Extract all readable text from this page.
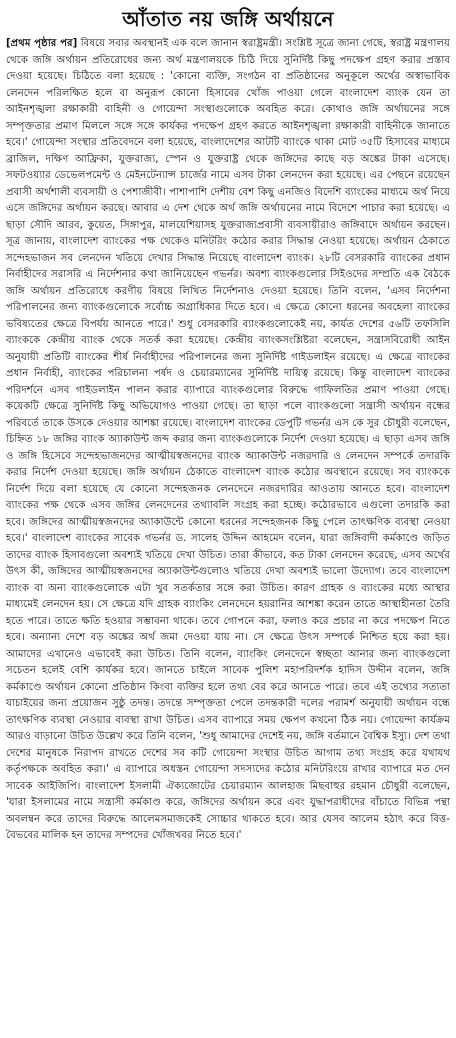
আঁতাত নয় জঙ্গি অর্থায়নে

[প্রথম পৃষ্ঠার পর] বিষয়ে সবার অবস্থানই এক বলে জানান স্বরাষ্ট্রমন্ত্রী। সংশ্লিষ্ট সূত্রে জানা গেছে, স্বরাষ্ট্র মন্ত্রণালয় থেকে জঙ্গি অর্থায়ন প্রতিরোধের জন্য অর্থ মন্ত্রণালয়কে চিঠি দিয়ে সুনির্দিষ্ট কিছু পদক্ষেপ গ্রহণ করার প্রস্তাব দেওয়া হয়েছে। চিঠিতে বলা হয়েছে : 'কোনো ব্যক্তি, সংগঠন বা প্রতিষ্ঠানের অনুকূলে অর্থের অস্বাভাবিক লেনদেন পরিলক্ষিত হলে বা অনুরূপ কোনো হিসাবের খোঁজ পাওয়া গেলে বাংলাদেশ ব্যাংক যেন তা আইনশৃঙ্খলা রক্ষাকারী বাহিনী ও গোয়েন্দা সংস্থাগুলোকে অবহিত করে। কোথাও জঙ্গি অর্থায়নের সঙ্গে সম্পৃক্ততার প্রমাণ মিললে সঙ্গে সঙ্গে কার্যকর পদক্ষেপ গ্রহণ করতে আইনশৃঙ্খলা রক্ষাকারী বাহিনীকে জানাতে হবে।' গোয়েন্দা সংস্থার প্রতিবেদনে বলা হয়েছে, বাংলাদেশের আটটি ব্যাংকে থাকা মোট ৩৫টি হিসাবের মাধ্যমে ব্রাজিল, দক্ষিণ আফ্রিকা, যুক্তরাজ্য, স্পেন ও যুক্তরাষ্ট্র থেকে জঙ্গিদের কাছে বড় অঙ্কের টাকা এসেছে। সফটওয়্যার ডেভেলপমেন্ট ও মেইনটেন্যান্স চার্জের নামে এসব টাকা লেনদেন করা হয়েছে। এর পেছনে রয়েছেন প্রবাসী অর্থশালী ব্যবসায়ী ও পেশাজীবী। পাশাপাশি দেশীয় বেশ কিছু এনজিও বিদেশি ব্যাংকের মাধ্যমে অর্থ নিয়ে এসে জঙ্গিদের অর্থায়ন করছে। আবার এ দেশ থেকে অর্থ জঙ্গি অর্থায়নের নামে বিদেশে পাচার করা হয়েছে। এ ছাড়া সৌদি আরব, কুয়েত, সিঙ্গাপুর, মালয়েশিয়াসহ যুক্তরাজ্যপ্রবাসী ব্যবসায়ীরাও জঙ্গিবাদে অর্থায়ন করছেন। সূত্র জানায়, বাংলাদেশ ব্যাংকের পক্ষ থেকেও মনিটরিং কঠোর করার সিদ্ধান্ত নেওয়া হয়েছে। অর্থায়ন ঠেকাতে সন্দেহভাজন সব লেনদেন খতিয়ে দেখার সিদ্ধান্ত নিয়েছে বাংলাদেশ ব্যাংক। ২৮টি বেসরকারি ব্যাংকের প্রধান নির্বাহীদের সরাসরি এ নির্দেশনার কথা জানিয়েছেন গভর্নর। অবশ্য ব্যাংকগুলোর সিইওদের সম্প্রতি এক বৈঠকে জঙ্গি অর্থায়ন প্রতিরোধে করণীয় বিষয়ে লিখিত নির্দেশনাও দেওয়া হয়েছে। তিনি বলেন, 'এসব নির্দেশনা পরিপালনের জন্য ব্যাংকগুলোকে সর্বোচ্চ অগ্রাধিকার দিতে হবে। এ ক্ষেত্রে কোনো ধরনের অবহেলা ব্যাংকের ভবিষ্যতের ক্ষেত্রে বিপর্যয় আনতে পারে।' শুধু বেসরকারি ব্যাংকগুলোকেই নয়, কার্যত দেশের ৫৬টি তফসিলি ব্যাংককে কেন্দ্রীয় ব্যাংক থেকে সতর্ক করা হয়েছে। কেন্দ্রীয় ব্যাংকসংশ্লিষ্টরা বলেছেন, সন্ত্রাসবিরোধী আইন অনুযায়ী প্রতিটি ব্যাংকের শীর্ষ নির্বাহীদের পরিপালনের জন্য সুনির্দিষ্ট গাইডলাইন রয়েছে। এ ক্ষেত্রে ব্যাংকের প্রধান নির্বাহী, ব্যাংকের পরিচালনা পর্ষদ ও চেয়ারম্যানের সুনির্দিষ্ট দায়িত্ব রয়েছে। কিন্তু বাংলাদেশ ব্যাংকের পরিদর্শনে এসব গাইডলাইন পালন করার ব্যাপারে ব্যাংকগুলোর বিরুদ্ধে গাফিলতির প্রমাণ পাওয়া গেছে। কয়েকটি ক্ষেত্রে সুনির্দিষ্ট কিছু অভিযোগও পাওয়া গেছে। তা ছাড়া পলে ব্যাংকগুলো সন্ত্রাসী অর্থায়ন বন্ধের পরিবর্তে তাকে উসকে দেওয়ার আশঙ্কা রয়েছে। বাংলাদেশ ব্যাংকের ডেপুটি গভর্নর এস কে সুর চৌধুরী বলেছেন, চিহ্নিত ১৮ জঙ্গির ব্যাংক অ্যাকাউন্ট জব্দ করার জন্য ব্যাংকগুলোকে নির্দেশ দেওয়া হয়েছে। এ ছাড়া এসব জঙ্গি ও জঙ্গি হিসেবে সন্দেহভাজনদের আত্মীয়স্বজনদের ব্যাংক অ্যাকাউন্ট নজরদারি ও লেনদেন সম্পর্কে তদারকি করার নির্দেশ দেওয়া হয়েছে। জঙ্গি অর্থায়ন ঠেকাতে বাংলাদেশ ব্যাংক কঠোর অবস্থানে রয়েছে। সব ব্যাংককে নির্দেশ দিয়ে বলা হয়েছে যে কোনো সন্দেহজনক লেনদেনে নজরদারির আওতায় আনতে হবে। বাংলাদেশ ব্যাংকের পক্ষ থেকে এসব জঙ্গির লেনদেনের তথ্যাবলি সংগ্রহ করা হচ্ছে। কঠোরভাবে এগুলো তদারকি করা হবে। জঙ্গিদের আত্মীয়স্বজনদের অ্যাকাউন্টে কোনো ধরনের সন্দেহজনক কিছু পেলে তাৎক্ষণিক ব্যবস্থা নেওয়া হবে।' বাংলাদেশ ব্যাংকের সাবেক গভর্নর ড. সালেহ উদ্দিন আহমেদ বলেন, যারা জঙ্গিবাদী কর্মকাণ্ডে জড়িত তাদের ব্যাংক হিসাবগুলো অবশ্যই খতিয়ে দেখা উচিত। তারা কীভাবে, কত টাকা লেনদেন করেছে, এসব অর্থের উৎস কী, জঙ্গিদের আত্মীয়স্বজনদের অ্যাকাউন্টগুলোও খতিয়ে দেখা অবশ্যই ভালো উদ্যোগ। তবে বাংলাদেশ ব্যাংক বা অন্য ব্যাংকগুলোকে এটা খুব সতর্কতার সঙ্গে করা উচিত। কারণ গ্রাহক ও ব্যাংকের মধ্যে আস্থার মাধ্যমেই লেনদেন হয়। সে ক্ষেত্রে যদি গ্রাহক ব্যাংকিং লেনদেনে হয়রানির আশঙ্কা করেন তাতে আস্থাহীনতা তৈরি হতে পারে। তাতে ক্ষতি হওয়ার সম্ভাবনা থাকে। তবে গোপনে করা, ফলাও করে প্রচার না করে পদক্ষেপ নিতে হবে। অন্যান্য দেশে বড় অঙ্কের অর্থ জমা দেওয়া যায় না। সে ক্ষেত্রে উৎস সম্পর্কে নিশ্চিত হয়ে করা হয়। আমাদের এখানেও এভাবেই করা উচিত। তিনি বলেন, ব্যাংকিং লেনদেনে স্বচ্ছতা আনার জন্য ব্যাংকগুলো সচেতন হলেই বেশি কার্যকর হবে। জানতে চাইলে সাবেক পুলিশ মহাপরিদর্শক হাদিস উদ্দীন বলেন, জঙ্গি কর্মকাণ্ডে অর্থায়ন কোনো প্রতিষ্ঠান কিংবা ব্যক্তির হলে তথ্য বের করে আনতে পারে। তবে এই তথ্যের সত্যতা যাচাইয়ের জন্য প্রয়োজন সুষ্ঠু তদন্ত। তদন্তে সম্পৃক্ততা পেলে তদন্তকারী দলের পরামর্শ অনুযায়ী অর্থায়ন বন্ধে তাৎক্ষণিক ব্যবস্থা নেওয়ার ব্যবস্থা রাখা উচিত। এসব ব্যাপারে সময় ক্ষেপণ কখনো ঠিক নয়। গোয়েন্দা কার্যক্রম আরও বাড়ানো উচিত উল্লেখ করে তিনি বলেন, 'শুধু আমাদের দেশেই নয়, জঙ্গি বর্তমানে বৈশ্বিক ইস্যু। দেশ তথা দেশের মানুষকে নিরাপদ রাখতে দেশের সব কটি গোয়েন্দা সংস্থার উচিত আগাম তথ্য সংগ্রহ করে যথাযথ কর্তৃপক্ষকে অবহিত করা।' এ ব্যাপারে অধস্তন গোয়েন্দা সদস্যদের কঠোর মনিটরিংয়ে রাখার ব্যাপারে মত দেন সাবেক আইজিপি। বাংলাদেশ ইসলামী ঐক্যজোটের চেয়ারম্যান আলহাজ মিছবাহুর রহমান চৌধুরী বলেছেন, 'যারা ইসলামের নামে সন্ত্রাসী কর্মকাণ্ড করে, জঙ্গিদের অর্থায়ন করে এবং যুদ্ধাপরাধীদের বাঁচাতে বিভিন্ন পন্থা অবলম্বন করে তাদের বিরুদ্ধে আলেমসমাজকেই সোচ্চার থাকতে হবে। আর যেসব আলেম হঠাৎ করে বিত্ত-বৈভবের মালিক হন তাদের সম্পদের খোঁজখবর নিতে হবে।'
